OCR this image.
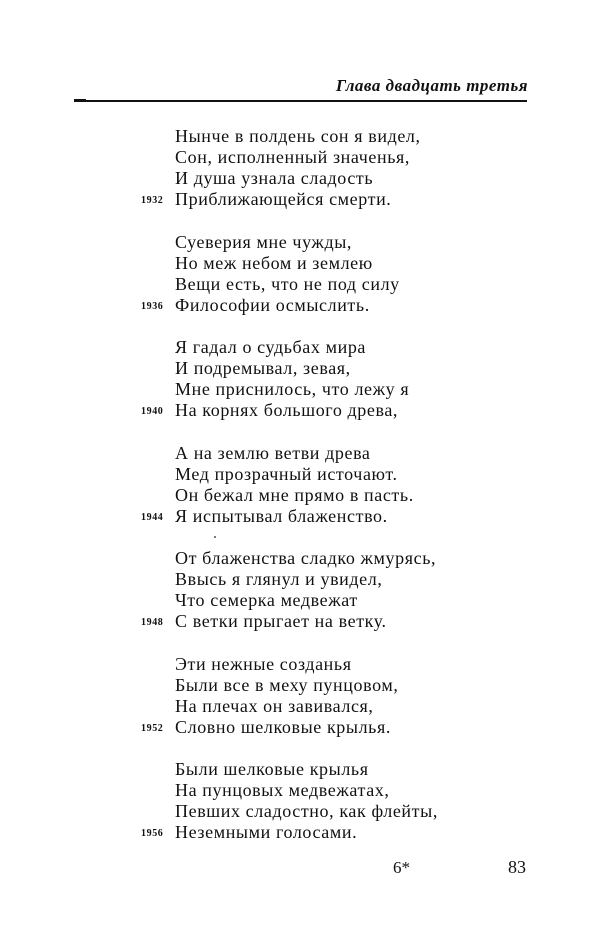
Глава двадцать третья
Нынче в полдень сон я видел,
Сон, исполненный значенья,
И душа узнала сладость
1932 Приближающейся смерти.
Суеверия мне чужды,
Но меж небом и землею
Вещи есть, что не под силу
1936 Философии осмыслить.
Я гадал о судьбах мира
И подремывал, зевая,
Мне приснилось, что лежу я
1940 На корнях большого древа,
А на землю ветви древа
Мед прозрачный источают.
Он бежал мне прямо в пасть.
1944 Я испытывал блаженство.
От блаженства сладко жмурясь,
Ввысь я глянул и увидел,
Что семерка медвежат
1948 С ветки прыгает на ветку.
Эти нежные созданья
Были все в меху пунцовом,
На плечах он завивался,
1952 Словно шелковые крылья.
Были шелковые крылья
На пунцовых медвежатах,
Певших сладостно, как флейты,
1956 Неземными голосами.
6*	83
